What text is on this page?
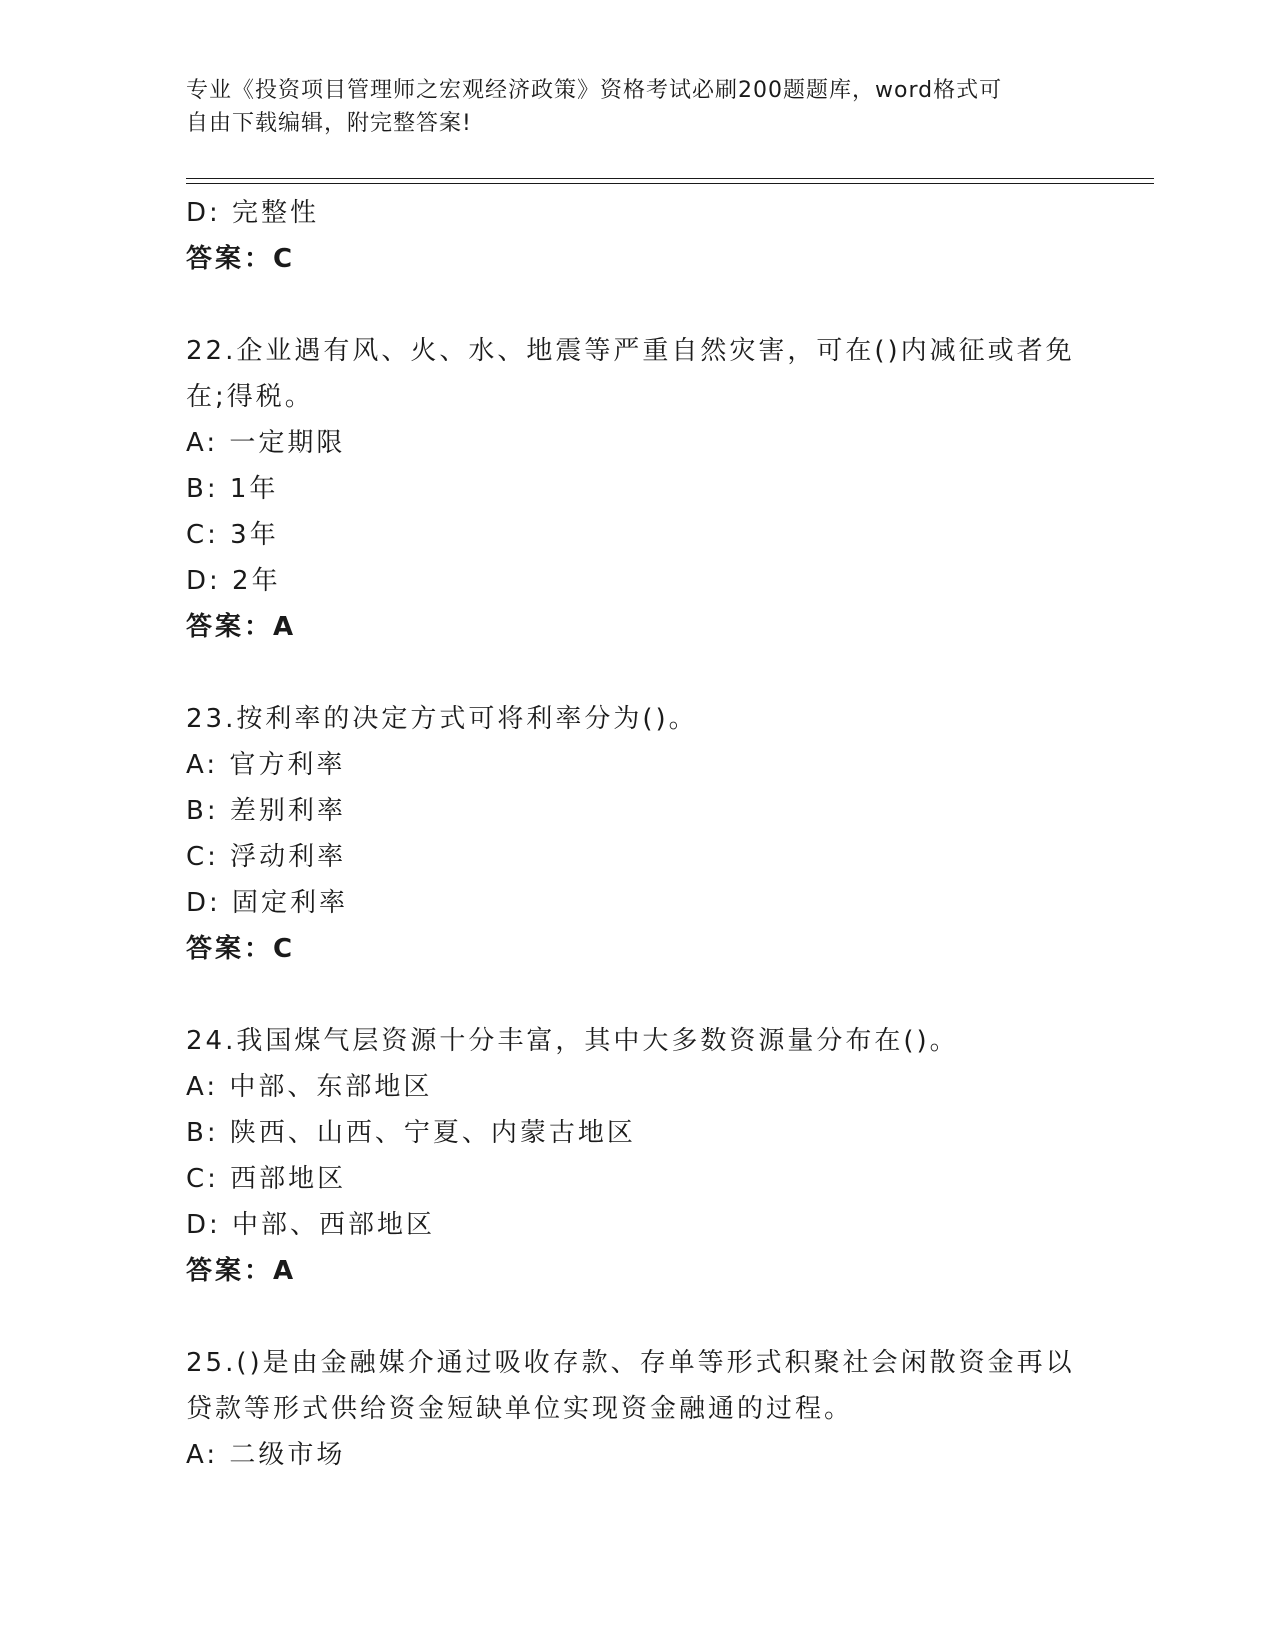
专业《投资项目管理师之宏观经济政策》资格考试必刷200题题库，word格式可
自由下载编辑，附完整答案!
D: 完整性
答案：C
22.企业遇有风、火、水、地震等严重自然灾害，可在()内减征或者免
在;得税。
A: 一定期限
B: 1年
C: 3年
D: 2年
答案：A
23.按利率的决定方式可将利率分为()。
A: 官方利率
B: 差别利率
C: 浮动利率
D: 固定利率
答案：C
24.我国煤气层资源十分丰富，其中大多数资源量分布在()。
A: 中部、东部地区
B: 陕西、山西、宁夏、内蒙古地区
C: 西部地区
D: 中部、西部地区
答案：A
25.()是由金融媒介通过吸收存款、存单等形式积聚社会闲散资金再以
贷款等形式供给资金短缺单位实现资金融通的过程。
A: 二级市场
